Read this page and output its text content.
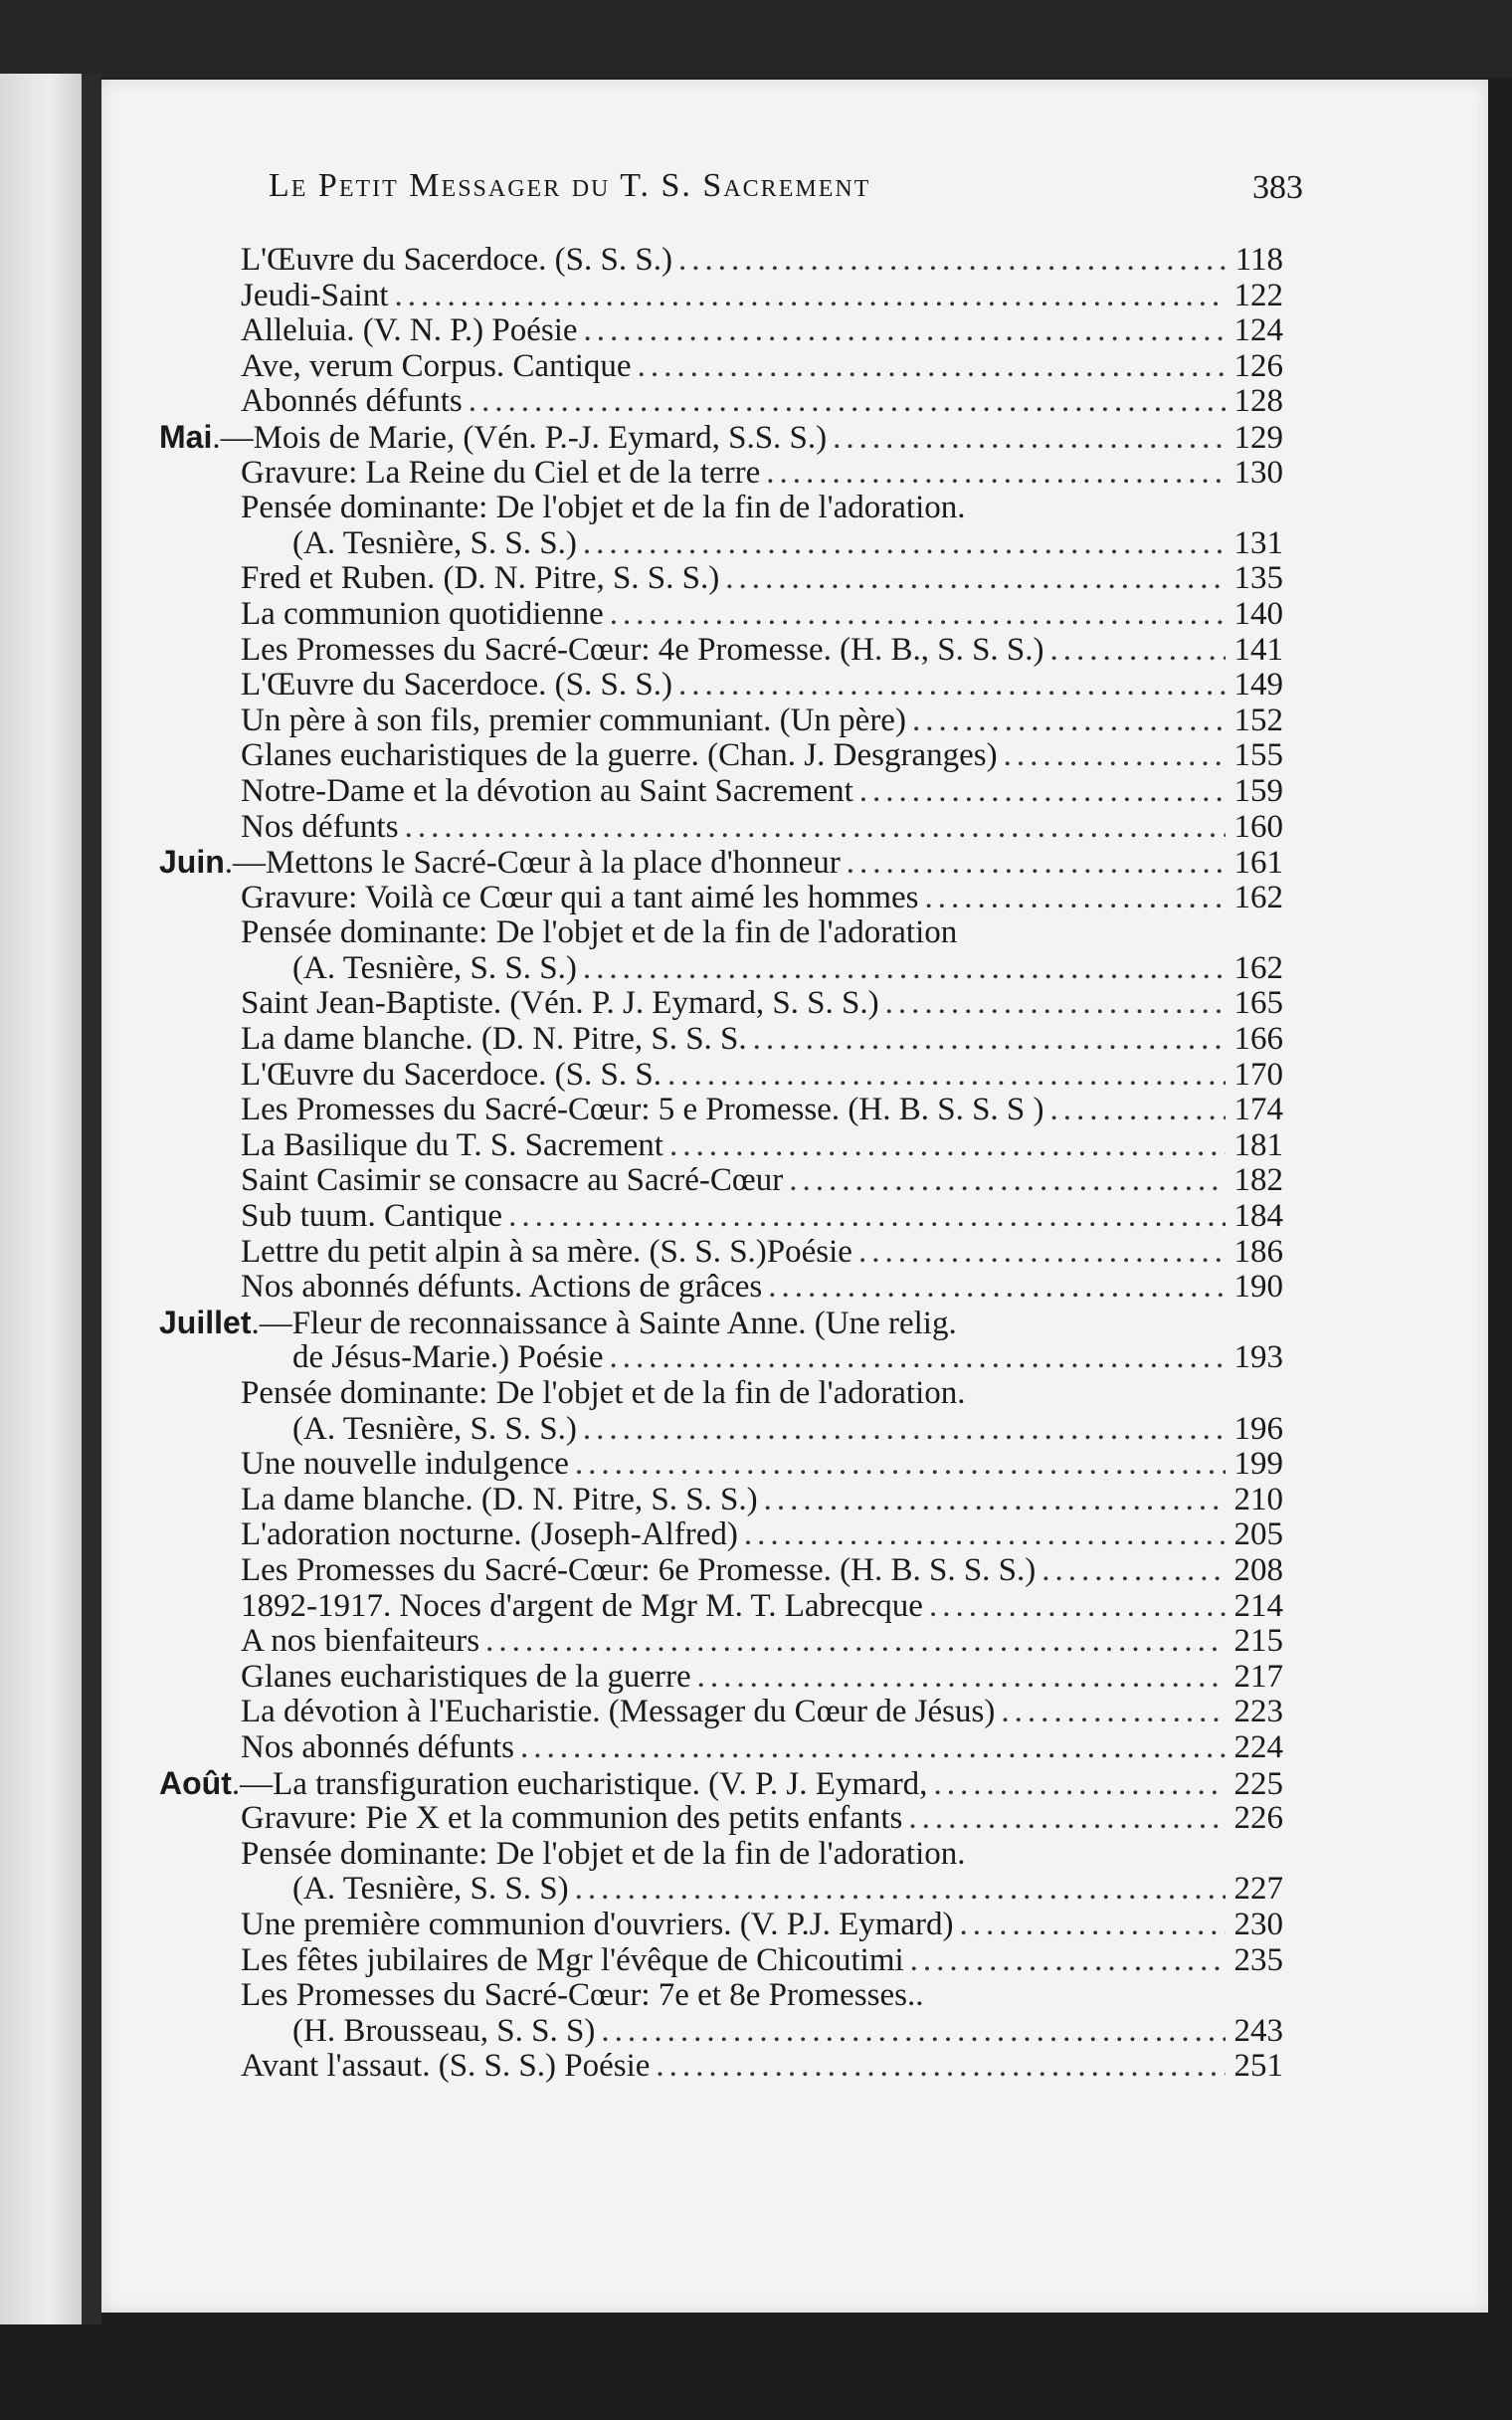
Le Petit Messager du T. S. Sacrement	383
L'Œuvre du Sacerdoce. (S. S. S.) .....	118
Jeudi-Saint .....	122
Alleluia. (V. N. P.) Poésie .....	124
Ave, verum Corpus. Cantique .....	126
Abonnés défunts .....	128
Mai .—Mois de Marie, (Vén. P.-J. Eymard, S.S. S.) .....	129
Gravure: La Reine du Ciel et de la terre .....	130
Pensée dominante: De l'objet et de la fin de l'adoration.
(A. Tesnière, S. S. S.) .....	131
Fred et Ruben. (D. N. Pitre, S. S. S.) .....	135
La communion quotidienne .....	140
Les Promesses du Sacré-Cœur: 4e Promesse. (H. B., S. S. S.) .....	141
L'Œuvre du Sacerdoce. (S. S. S.) .....	149
Un père à son fils, premier communiant. (Un père) .....	152
Glanes eucharistiques de la guerre. (Chan. J. Desgranges) .....	155
Notre-Dame et la dévotion au Saint Sacrement .....	159
Nos défunts .....	160
Juin .—Mettons le Sacré-Cœur à la place d'honneur .....	161
Gravure: Voilà ce Cœur qui a tant aimé les hommes .....	162
Pensée dominante: De l'objet et de la fin de l'adoration
(A. Tesnière, S. S. S.) .....	162
Saint Jean-Baptiste. (Vén. P. J. Eymard, S. S. S.) .....	165
La dame blanche. (D. N. Pitre, S. S. S. .....	166
L'Œuvre du Sacerdoce. (S. S. S. .....	170
Les Promesses du Sacré-Cœur: 5 e Promesse. (H. B. S. S. S ) .....	174
La Basilique du T. S. Sacrement .....	181
Saint Casimir se consacre au Sacré-Cœur .....	182
Sub tuum. Cantique .....	184
Lettre du petit alpin à sa mère. (S. S. S.)Poésie .....	186
Nos abonnés défunts. Actions de grâces .....	190
Juillet .—Fleur de reconnaissance à Sainte Anne. (Une relig.
de Jésus-Marie.) Poésie .....	193
Pensée dominante: De l'objet et de la fin de l'adoration.
(A. Tesnière, S. S. S.) .....	196
Une nouvelle indulgence .....	199
La dame blanche. (D. N. Pitre, S. S. S.) .....	210
L'adoration nocturne. (Joseph-Alfred) .....	205
Les Promesses du Sacré-Cœur: 6e Promesse. (H. B. S. S. S.) .....	208
1892-1917. Noces d'argent de Mgr M. T. Labrecque .....	214
A nos bienfaiteurs .....	215
Glanes eucharistiques de la guerre .....	217
La dévotion à l'Eucharistie. (Messager du Cœur de Jésus) .....	223
Nos abonnés défunts .....	224
Août .—La transfiguration eucharistique. (V. P. J. Eymard, .....	225
Gravure: Pie X et la communion des petits enfants .....	226
Pensée dominante: De l'objet et de la fin de l'adoration.
(A. Tesnière, S. S. S) .....	227
Une première communion d'ouvriers. (V. P.J. Eymard) .....	230
Les fêtes jubilaires de Mgr l'évêque de Chicoutimi .....	235
Les Promesses du Sacré-Cœur: 7e et 8e Promesses..
(H. Brousseau, S. S. S) .....	243
Avant l'assaut. (S. S. S.) Poésie .....	251
